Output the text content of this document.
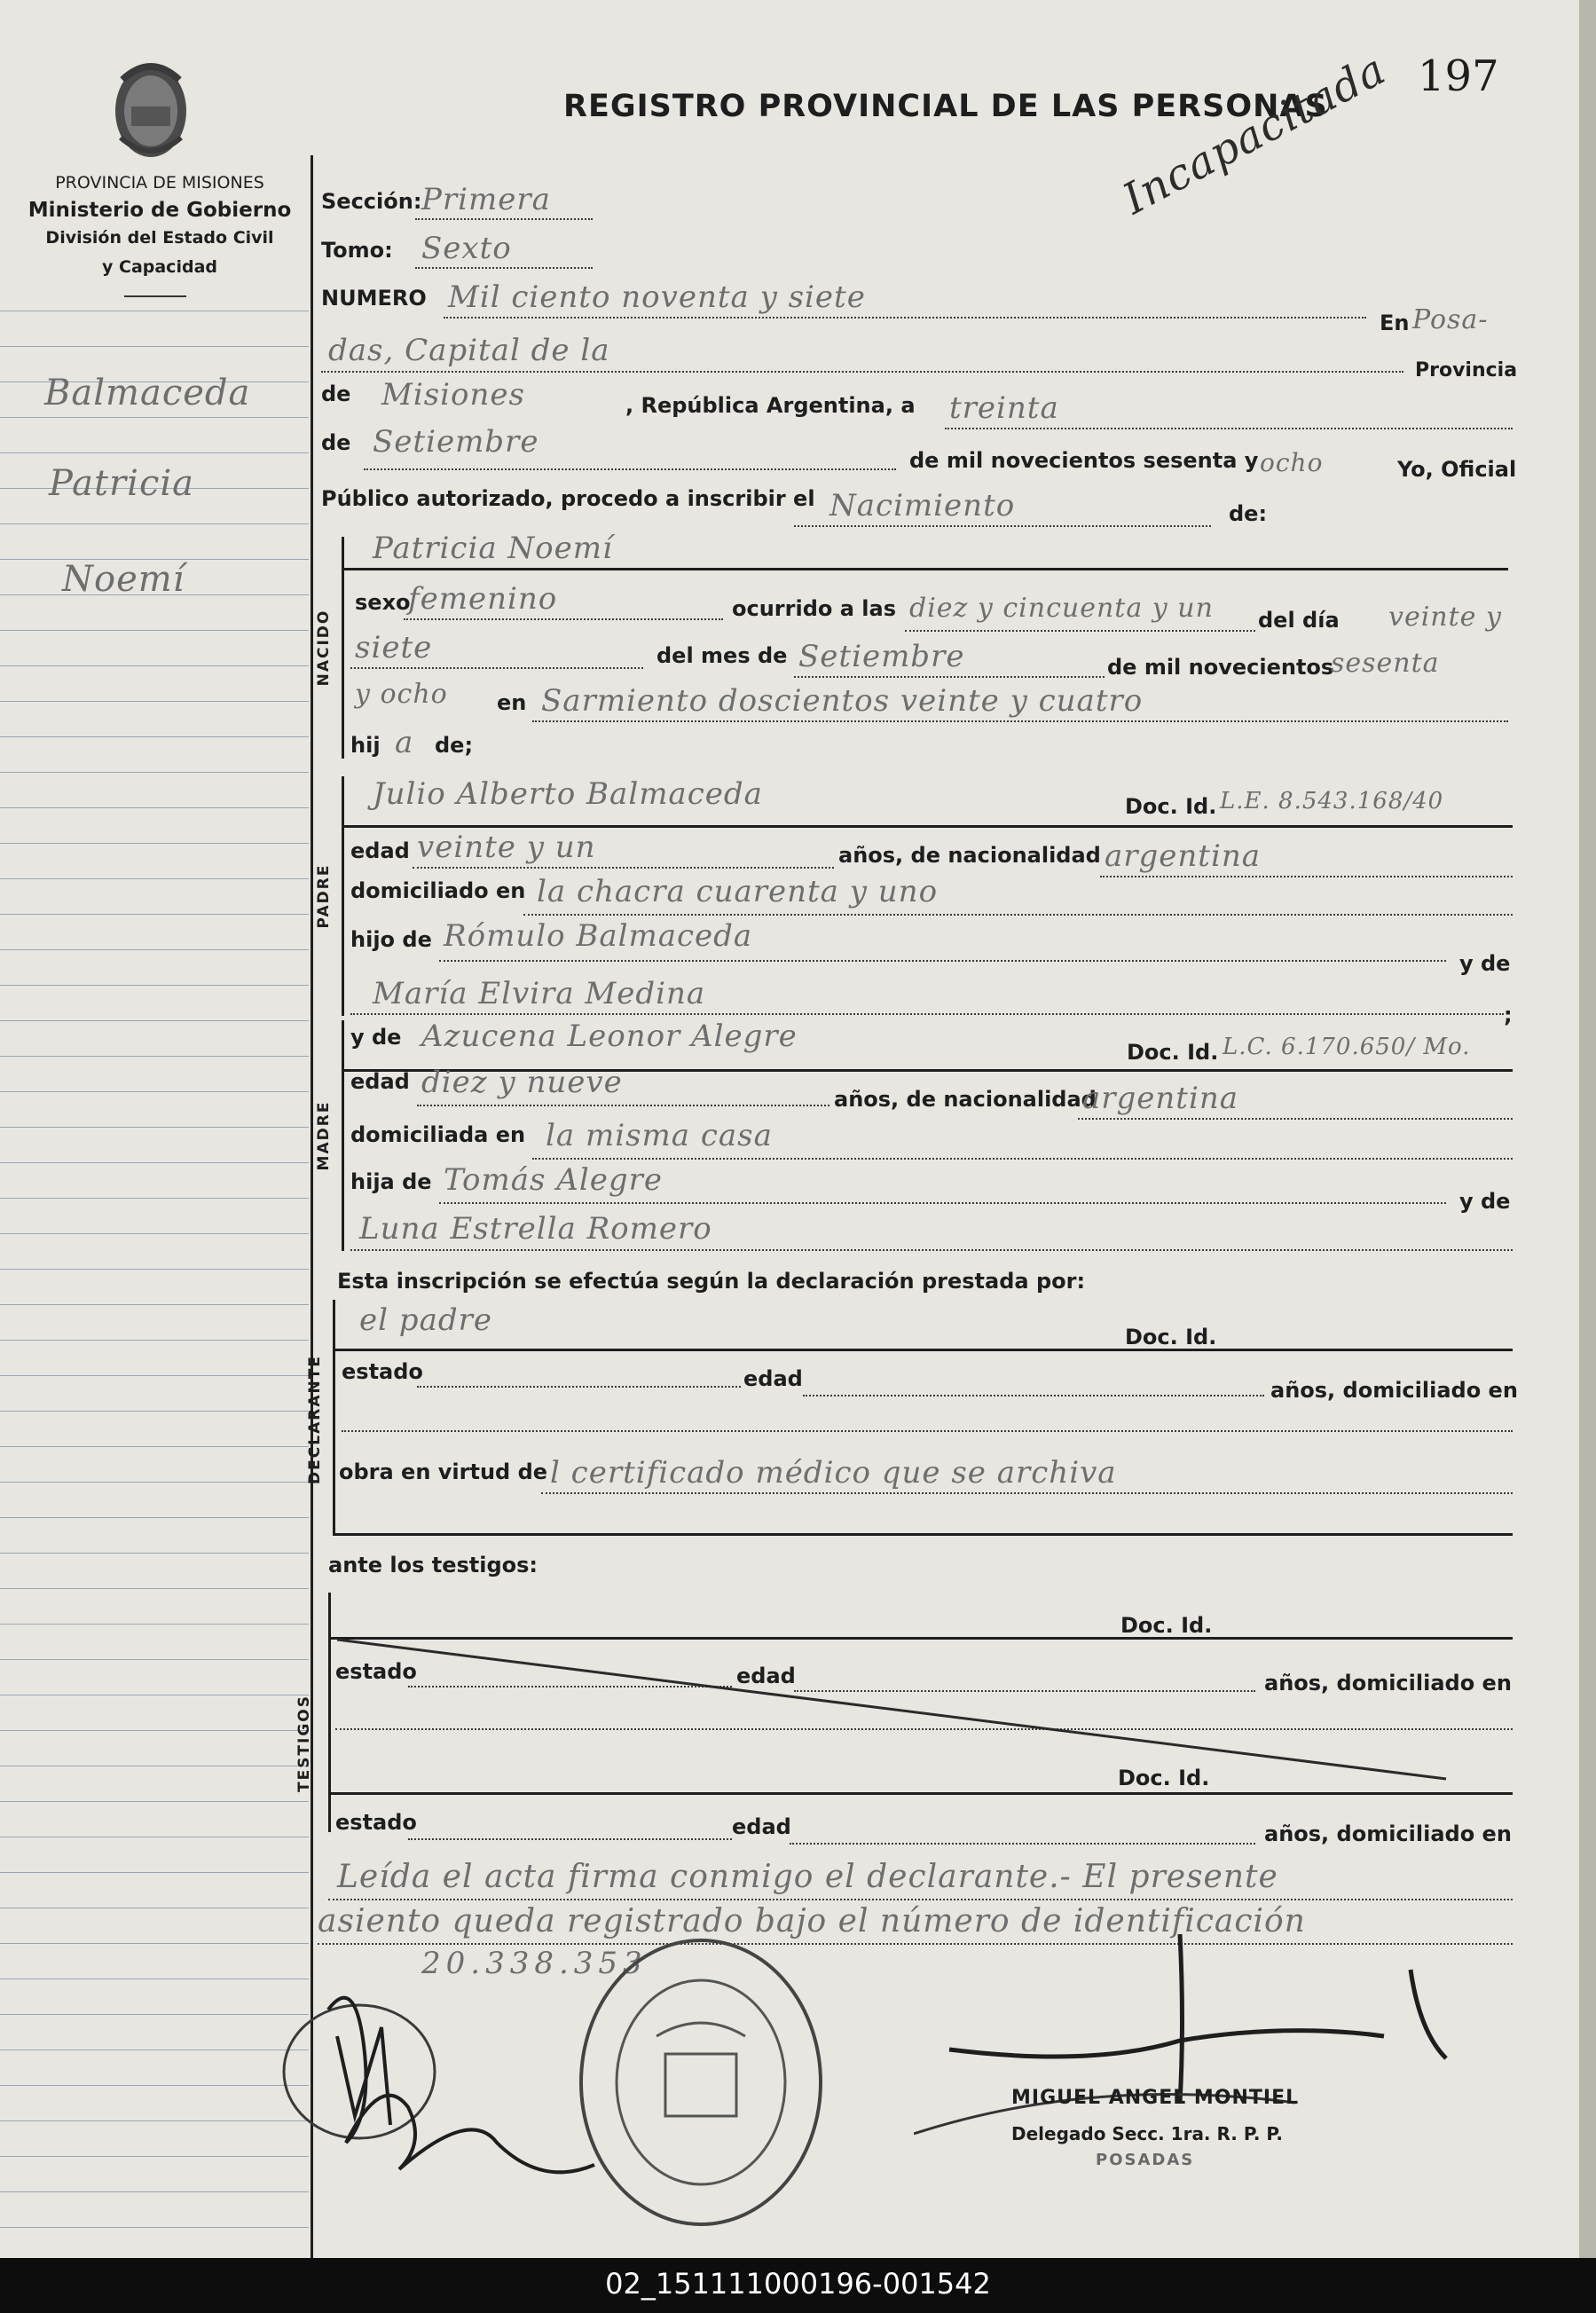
PROVINCIA DE MISIONES
Ministerio de Gobierno
División del Estado Civil
y Capacidad
REGISTRO PROVINCIAL DE LAS PERSONAS
197
Incapacitada
Balmaceda
Patricia
Noemí
Sección: Primera
Tomo: Sexto
NUMERO Mil ciento noventa y siete
En Posa-
das, Capital de la
Provincia
de Misiones	, República Argentina, a treinta
de Setiembre
de mil novecientos sesenta y ocho	Yo, Oficial
Público autorizado, procedo a inscribir el Nacimiento	de:
NACIDO
Patricia Noemí
sexo
femenino	ocurrido a las diez y cincuenta y un del día veinte y
siete	del mes de Setiembre	de mil novecientos
sesenta
y ocho en Sarmiento doscientos veinte y cuatro
hij a de;
PADRE
Julio Alberto Balmaceda	Doc. Id. L.E. 8.543.168/40
edad veinte y un	años, de nacionalidad argentina
domiciliado en la chacra cuarenta y uno
hijo de Rómulo Balmaceda
y de
María Elvira Medina
;
MADRE
y de Azucena Leonor Alegre	Doc. Id. L.C. 6.170.650/ Mo.
edad diez y nueve	años, de nacionalidad
argentina
domiciliada en la misma casa
hija de Tomás Alegre
y de
Luna Estrella Romero
Esta inscripción se efectúa según la declaración prestada por:
DECLARANTE
el padre	Doc. Id.
estado	edad	años, domiciliado en
obra en virtud de l certificado médico que se archiva
ante los testigos:
TESTIGOS
Doc. Id.
estado	edad	años, domiciliado en
Doc. Id.
estado	edad	años, domiciliado en
Leída el acta firma conmigo el declarante.- El presente
asiento queda registrado bajo el número de identificación
20.338.353
MIGUEL ANGEL MONTIEL
Delegado Secc. 1ra. R. P. P.
POSADAS
02_151111000196-001542
